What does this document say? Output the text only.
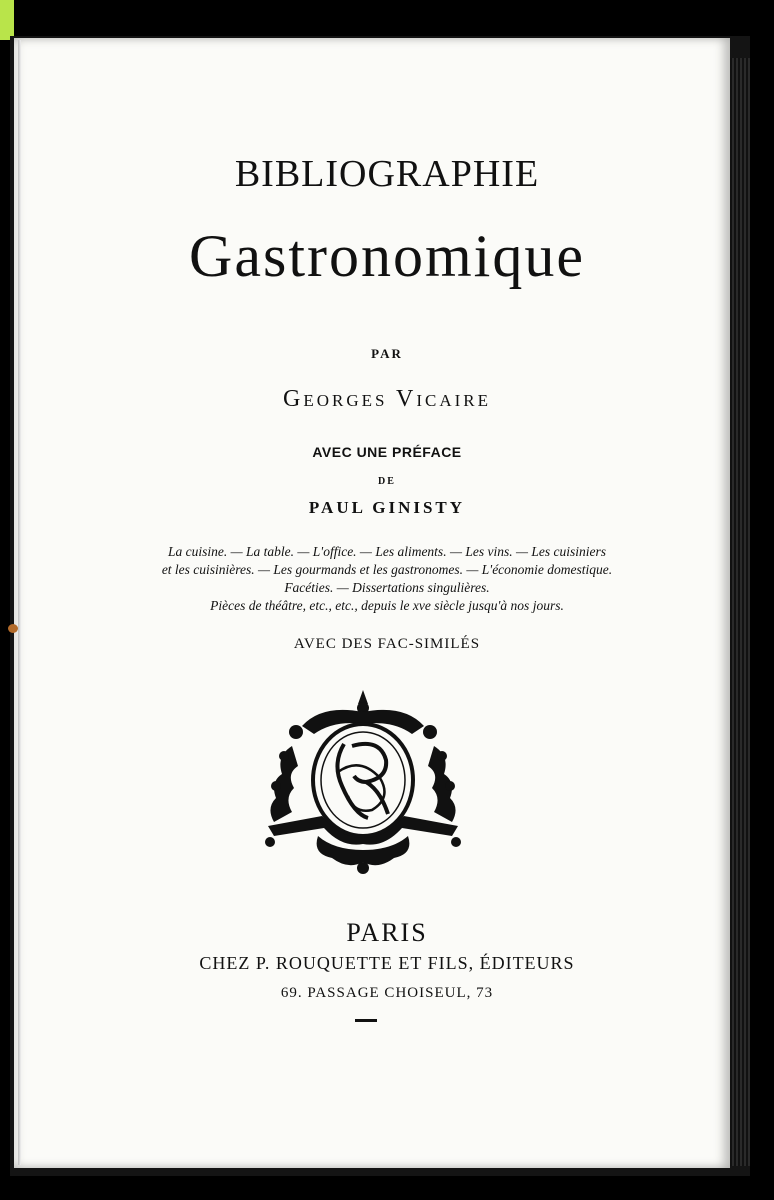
BIBLIOGRAPHIE
Gastronomique
PAR
Georges Vicaire
AVEC UNE PRÉFACE
DE
PAUL GINISTY
La cuisine. — La table. — L'office. — Les aliments. — Les vins. — Les cuisiniers
et les cuisinières. — Les gourmands et les gastronomes. — L'économie domestique.
Facéties. — Dissertations singulières.
Pièces de théâtre, etc., etc., depuis le xve siècle jusqu'à nos jours.
AVEC DES FAC-SIMILÉS
PARIS
CHEZ P. ROUQUETTE ET FILS, ÉDITEURS
69. PASSAGE CHOISEUL, 73
